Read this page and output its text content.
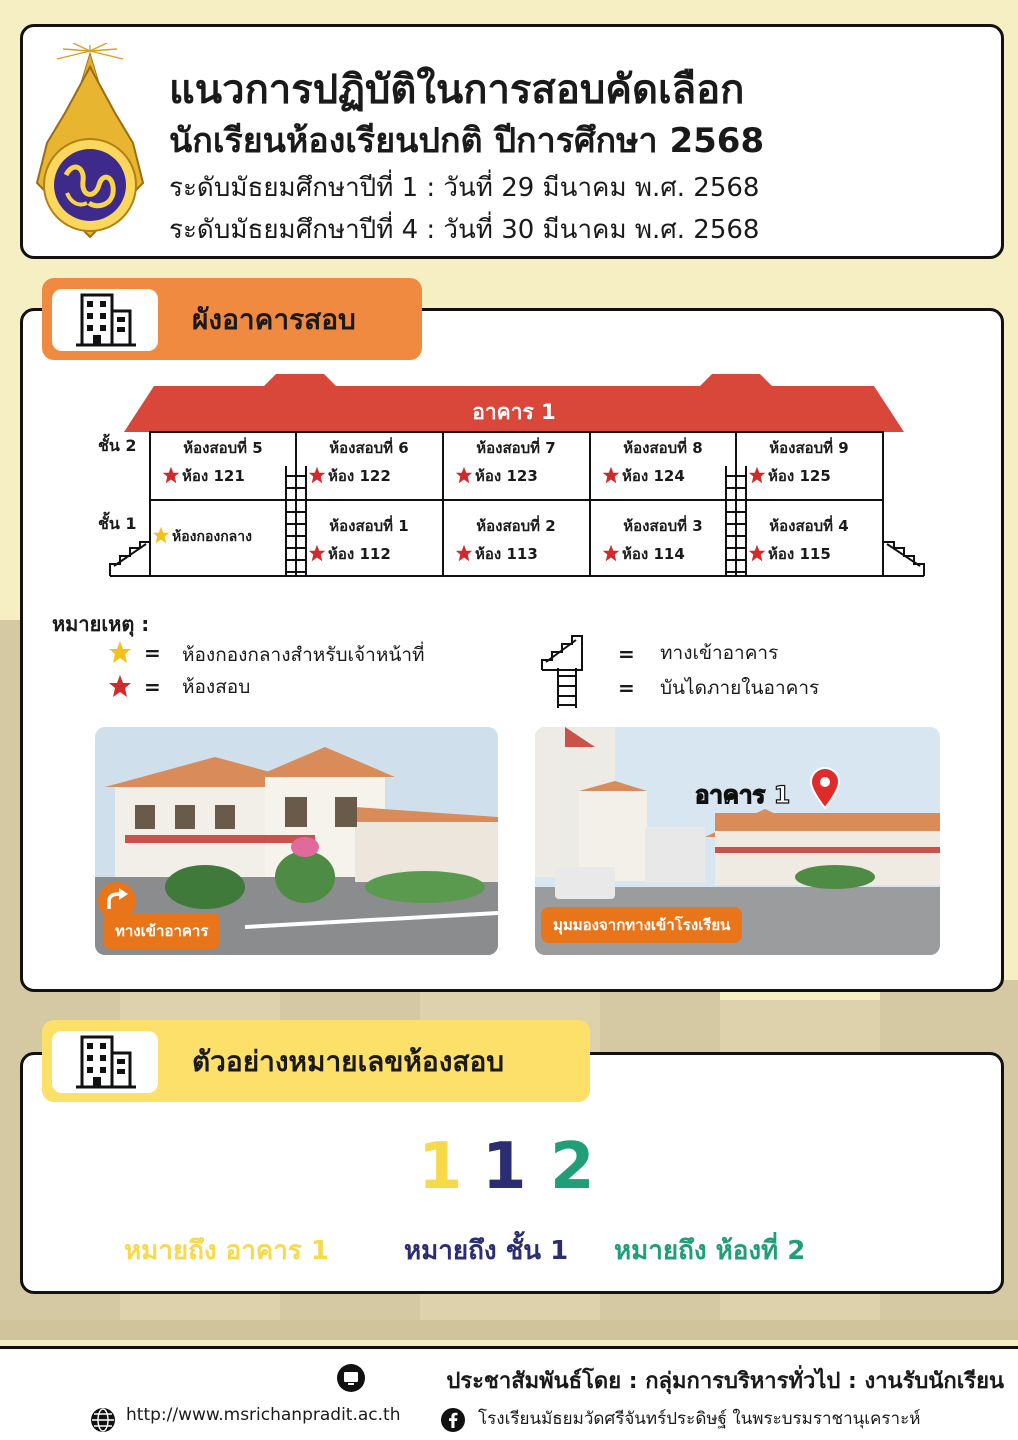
แนวการปฏิบัติในการสอบคัดเลือก
นักเรียนห้องเรียนปกติ ปีการศึกษา 2568
ระดับมัธยมศึกษาปีที่ 1 : วันที่ 29 มีนาคม พ.ศ. 2568
ระดับมัธยมศึกษาปีที่ 4 : วันที่ 30 มีนาคม พ.ศ. 2568
ผังอาคารสอบ
อาคาร 1
ชั้น 2
ชั้น 1
ห้องสอบที่ 5
ห้อง 121
ห้องสอบที่ 6
ห้อง 122
ห้องสอบที่ 7
ห้อง 123
ห้องสอบที่ 8
ห้อง 124
ห้องสอบที่ 9
ห้อง 125
ห้องกองกลาง
ห้องสอบที่ 1
ห้อง 112
ห้องสอบที่ 2
ห้อง 113
ห้องสอบที่ 3
ห้อง 114
ห้องสอบที่ 4
ห้อง 115
หมายเหตุ :
= ห้องกองกลางสำหรับเจ้าหน้าที่
= ห้องสอบ
= ทางเข้าอาคาร
= บันไดภายในอาคาร
ทางเข้าอาคาร
อาคาร 1
มุมมองจากทางเข้าโรงเรียน
ตัวอย่างหมายเลขห้องสอบ
1 1 2
หมายถึง อาคาร 1	หมายถึง ชั้น 1 หมายถึง ห้องที่ 2
ประชาสัมพันธ์โดย : กลุ่มการบริหารทั่วไป : งานรับนักเรียน
http://www.msrichanpradit.ac.th	โรงเรียนมัธยมวัดศรีจันทร์ประดิษฐ์ ในพระบรมราชานุเคราะห์
